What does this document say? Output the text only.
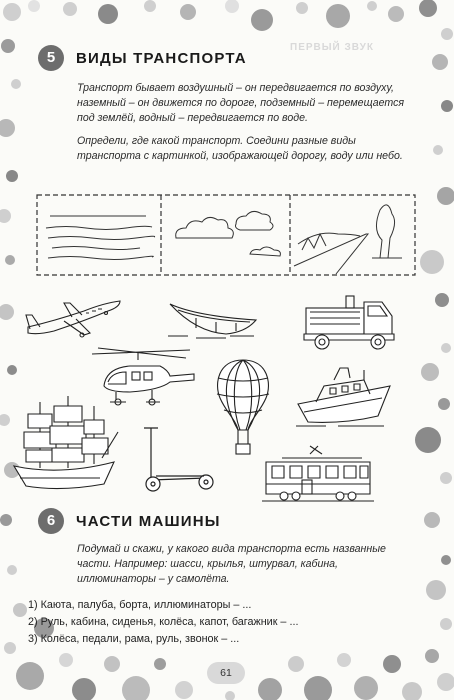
ПЕРВЫЙ ЗВУК
5	ВИДЫ ТРАНСПОРТА
Транспорт бывает воздушный – он передвигается по воздуху,
наземный – он движется по дороге, подземный – перемещается
под землёй, водный – передвигается по воде.
Определи, где какой транспорт. Соедини разные виды
транспорта с картинкой, изображающей дорогу, воду или небо.
6	ЧАСТИ МАШИНЫ
Подумай и скажи, у какого вида транспорта есть названные
части. Например: шасси, крылья, штурвал, кабина,
иллюминаторы – у самолёта.
1) Каюта, палуба, борта, иллюминаторы – ...
2) Руль, кабина, сиденья, колёса, капот, багажник – ...
3) Колёса, педали, рама, руль, звонок – ...
61
